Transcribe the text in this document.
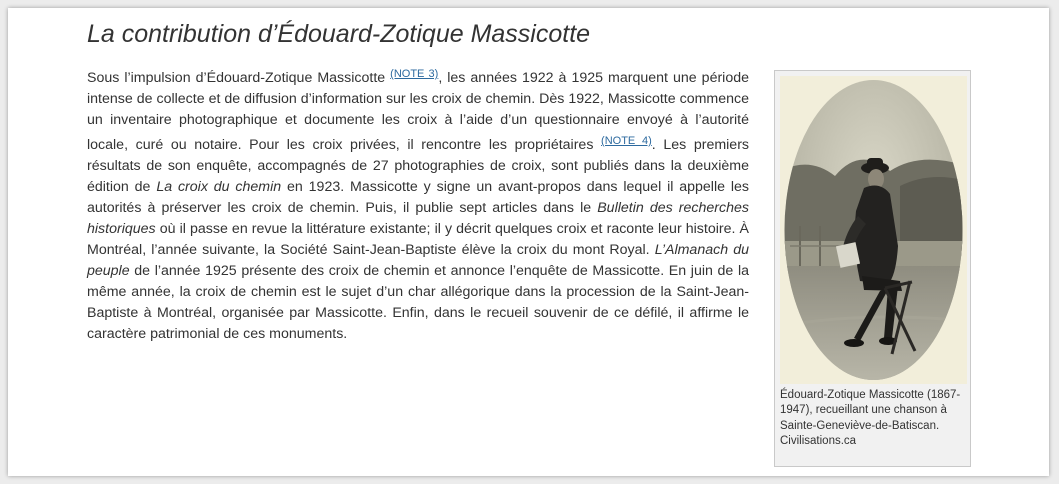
La contribution d’Édouard-Zotique Massicotte

Sous l’impulsion d’Édouard-Zotique Massicotte $^{(NOTE 3)}$, les années 1922 à 1925 marquent une période intense de collecte et de diffusion d’information sur les croix de chemin. Dès 1922, Massicotte commence un inventaire photographique et documente les croix à l’aide d’un questionnaire envoyé à l’autorité locale, curé ou notaire. Pour les croix privées, il rencontre les propriétaires $^{(NOTE 4)}$. Les premiers résultats de son enquête, accompagnés de 27 photographies de croix, sont publiés dans la deuxième édition de La croix du chemin en 1923. Massicotte y signe un avant-propos dans lequel il appelle les autorités à préserver les croix de chemin. Puis, il publie sept articles dans le Bulletin des recherches historiques où il passe en revue la littérature existante; il y décrit quelques croix et raconte leur histoire. À Montréal, l’année suivante, la Société Saint-Jean-Baptiste élève la croix du mont Royal. L’Almanach du peuple de l’année 1925 présente des croix de chemin et annonce l’enquête de Massicotte. En juin de la même année, la croix de chemin est le sujet d’un char allégorique dans la procession de la Saint-Jean-Baptiste à Montréal, organisée par Massicotte. Enfin, dans le recueil souvenir de ce défilé, il affirme le caractère patrimonial de ces monuments.

Édouard-Zotique Massicotte (1867-1947), recueillant une chanson à Sainte-Geneviève-de-Batiscan. Civilisations.ca
